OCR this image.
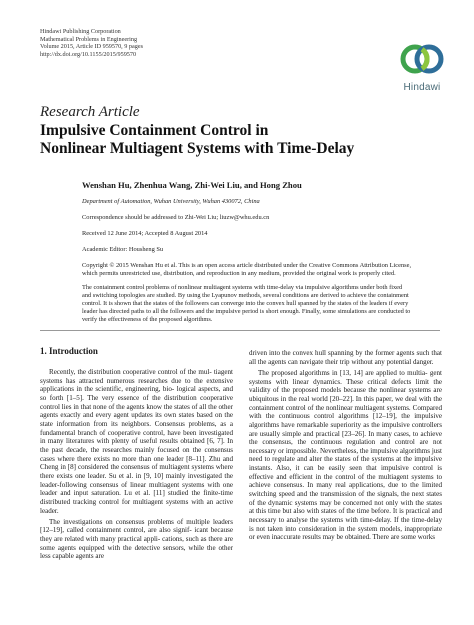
Hindawi Publishing Corporation
Mathematical Problems in Engineering
Volume 2015, Article ID 959570, 9 pages
http://dx.doi.org/10.1155/2015/959570
Hindawi
Research Article
Impulsive Containment Control in
Nonlinear Multiagent Systems with Time-Delay
Wenshan Hu, Zhenhua Wang, Zhi-Wei Liu, and Hong Zhou
Department of Automation, Wuhan University, Wuhan 430072, China
Correspondence should be addressed to Zhi-Wei Liu; liuzw@whu.edu.cn
Received 12 June 2014; Accepted 8 August 2014
Academic Editor: Housheng Su
Copyright © 2015 Wenshan Hu et al. This is an open access article distributed under the Creative Commons Attribution License,
which permits unrestricted use, distribution, and reproduction in any medium, provided the original work is properly cited.
The containment control problems of nonlinear multiagent systems with time-delay via impulsive algorithms under both fixed
and switching topologies are studied. By using the Lyapunov methods, several conditions are derived to achieve the containment
control. It is shown that the states of the followers can converge into the convex hull spanned by the states of the leaders if every
leader has directed paths to all the followers and the impulsive period is short enough. Finally, some simulations are conducted to
verify the effectiveness of the proposed algorithms.
1. Introduction

Recently, the distribution cooperative control of the mul- tiagent systems has attracted numerous researches due to the extensive applications in the scientific, engineering, bio- logical aspects, and so forth [1–5]. The very essence of the distribution cooperative control lies in that none of the agents know the states of all the other agents exactly and every agent updates its own states based on the state information from its neighbors. Consensus problems, as a fundamental branch of cooperative control, have been investigated in many literatures with plenty of useful results obtained [6, 7]. In the past decade, the researches mainly focused on the consensus cases where there exists no more than one leader [8–11]. Zhu and Cheng in [8] considered the consensus of multiagent systems where there exists one leader. Su et al. in [9, 10] mainly investigated the leader-following consensus of linear multiagent systems with one leader and input saturation. Lu et al. [11] studied the finite-time distributed tracking control for multiagent systems with an active leader.

The investigations on consensus problems of multiple leaders [12–19], called containment control, are also signif- icant because they are related with many practical appli- cations, such as there are some agents equipped with the detective sensors, while the other less capable agents are

driven into the convex hull spanning by the former agents such that all the agents can navigate their trip without any potential danger.

The proposed algorithms in [13, 14] are applied to multia- gent systems with linear dynamics. These critical defects limit the validity of the proposed models because the nonlinear systems are ubiquitous in the real world [20–22]. In this paper, we deal with the containment control of the nonlinear multiagent systems. Compared with the continuous control algorithms [12–19], the impulsive algorithms have remarkable superiority as the impulsive controllers are usually simple and practical [23–26]. In many cases, to achieve the consensus, the continuous regulation and control are not necessary or impossible. Nevertheless, the impulsive algorithms just need to regulate and alter the states of the systems at the impulsive instants. Also, it can be easily seen that impulsive control is effective and efficient in the control of the multiagent systems to achieve consensus. In many real applications, due to the limited switching speed and the transmission of the signals, the next states of the dynamic systems may be concerned not only with the states at this time but also with states of the time before. It is practical and necessary to analyse the systems with time-delay. If the time-delay is not taken into consideration in the system models, inappropriate or even inaccurate results may be obtained. There are some works
